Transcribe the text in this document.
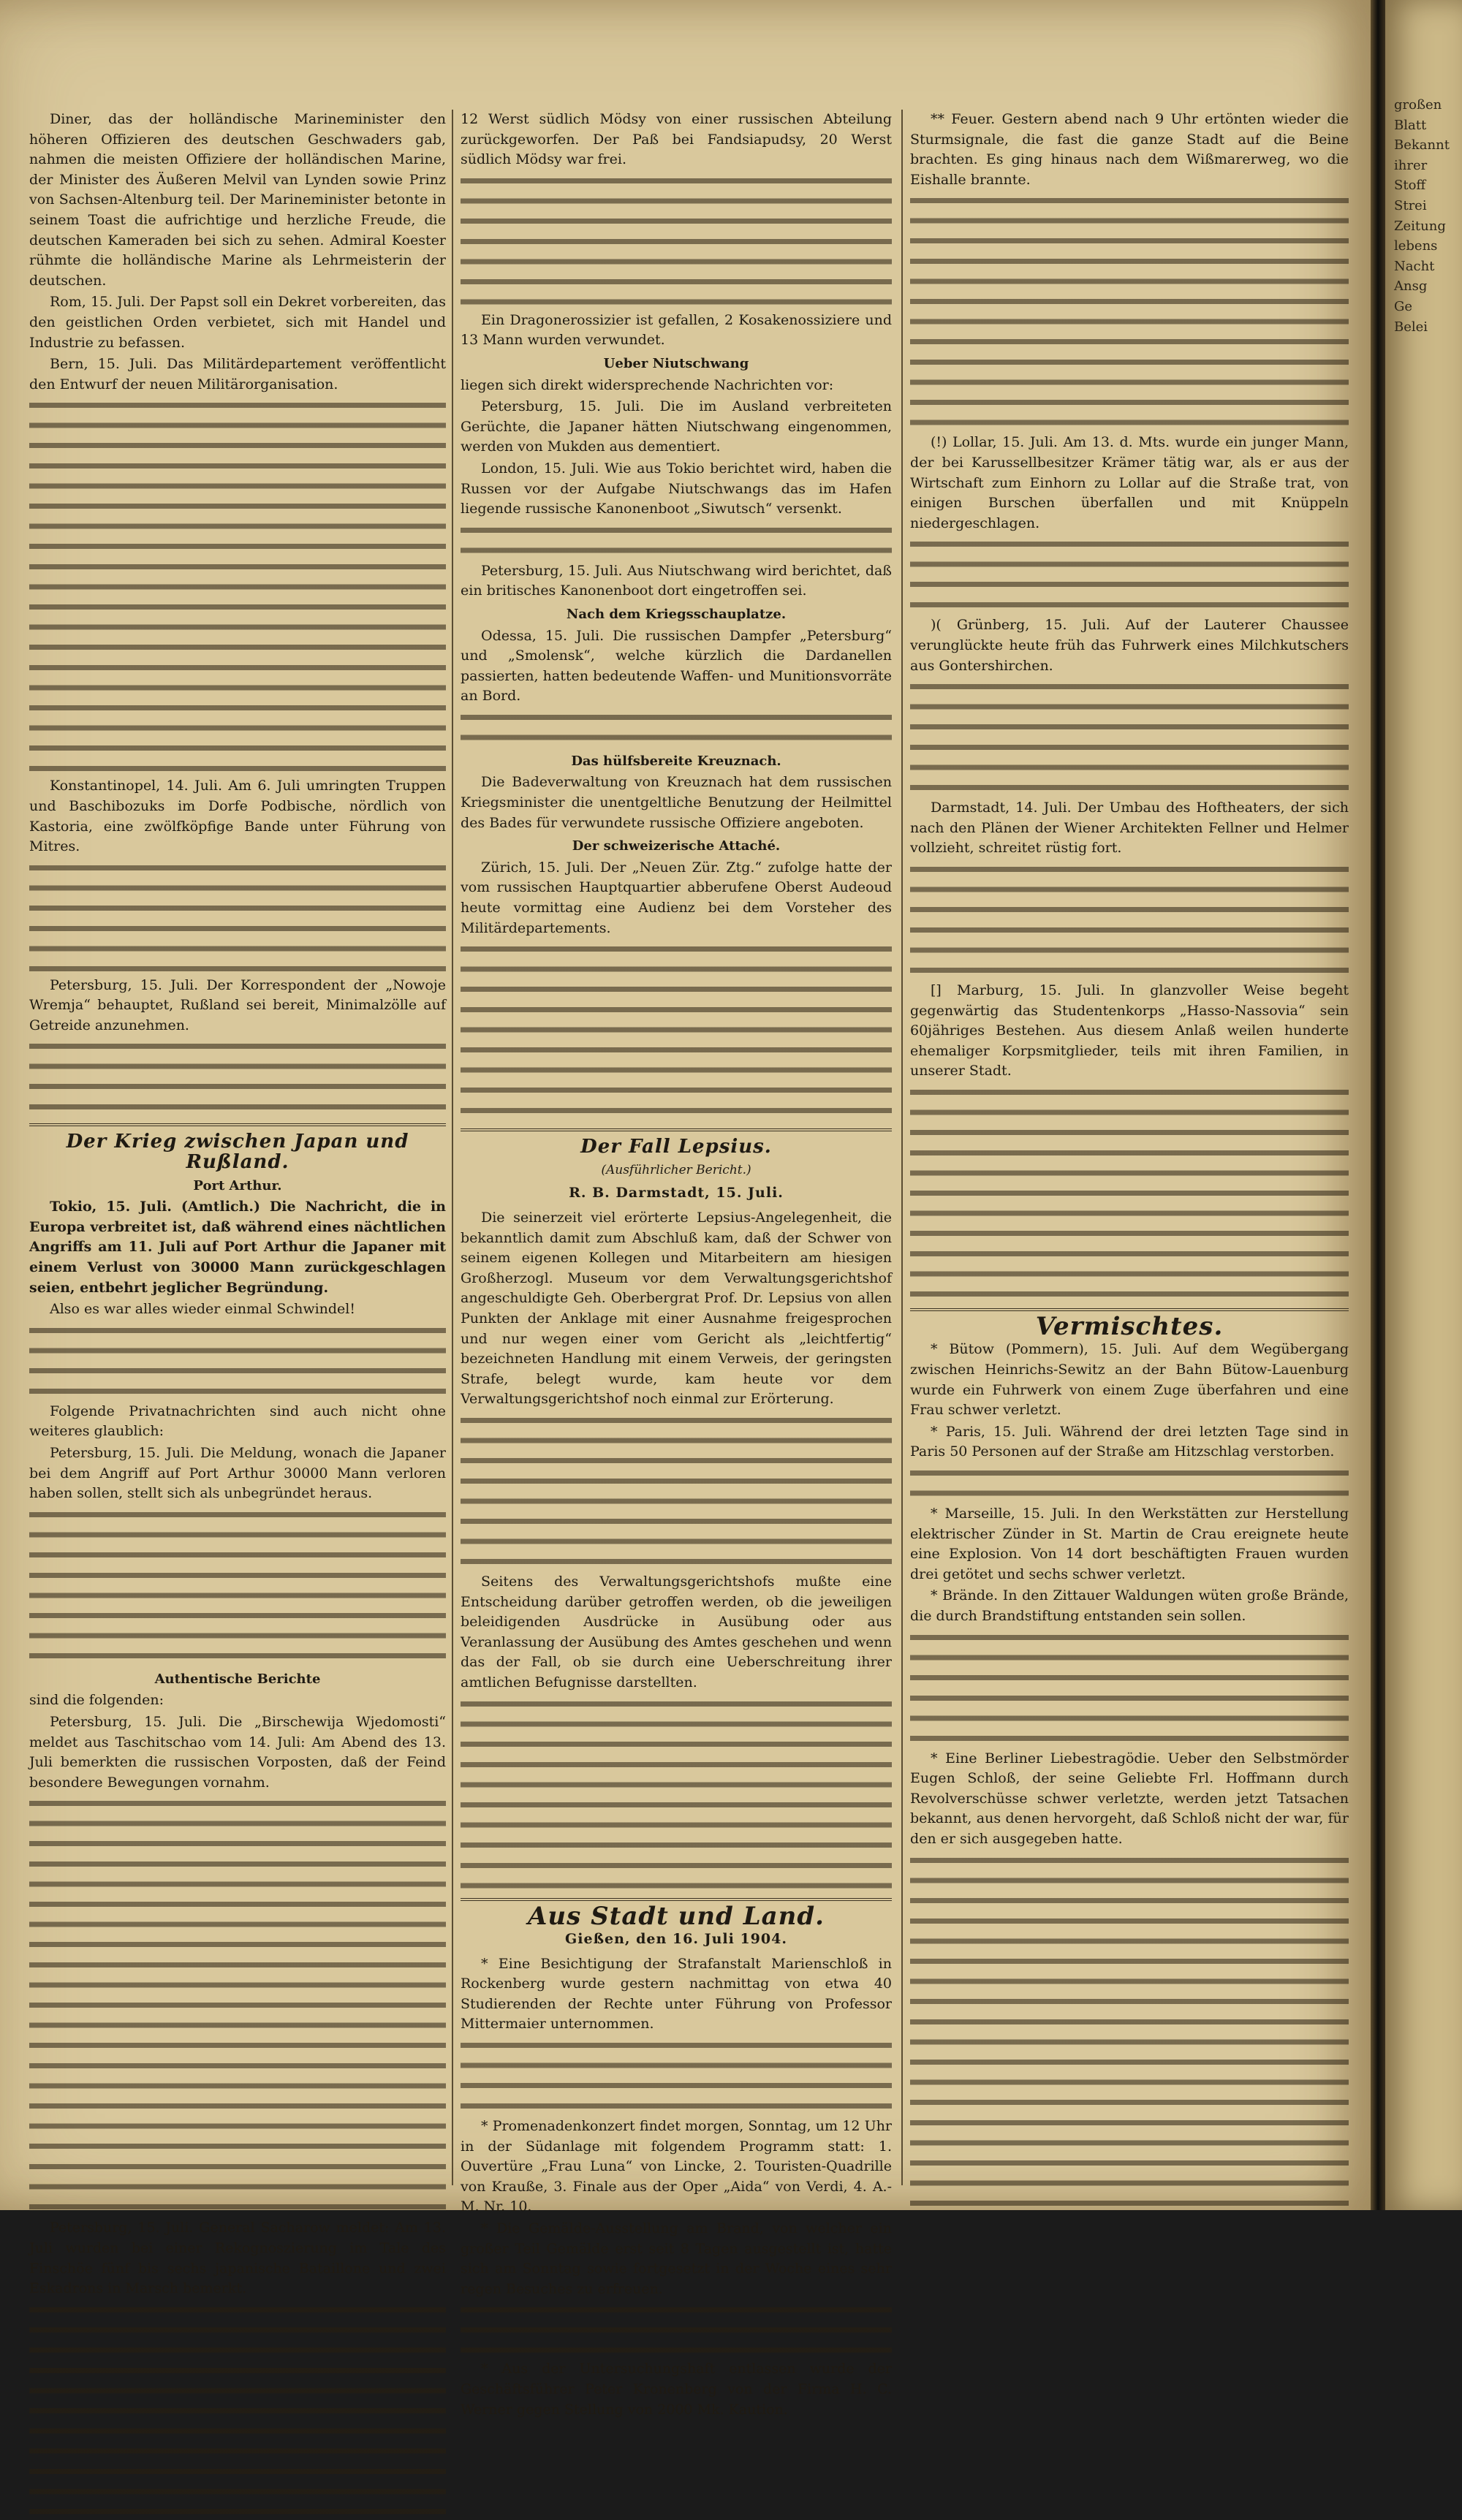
Diner, das der holländische Marineminister den höheren Offizieren des deutschen Geschwaders gab, nahmen die meisten Offiziere der holländischen Marine, der Minister des Äußeren Melvil van Lynden sowie Prinz von Sachsen-Altenburg teil. Der Marineminister betonte in seinem Toast die aufrichtige und herzliche Freude, die deutschen Kameraden bei sich zu sehen. Admiral Koester rühmte die holländische Marine als Lehrmeisterin der deutschen.

Rom, 15. Juli. Der Papst soll ein Dekret vorbereiten, das den geistlichen Orden verbietet, sich mit Handel und Industrie zu befassen.

Bern, 15. Juli. Das Militärdepartement veröffentlicht den Entwurf der neuen Militärorganisation.

Konstantinopel, 14. Juli. Am 6. Juli umringten Truppen und Baschibozuks im Dorfe Podbische, nördlich von Kastoria, eine zwölfköpfige Bande unter Führung von Mitres.

Petersburg, 15. Juli. Der Korrespondent der „Nowoje Wremja“ behauptet, Rußland sei bereit, Minimalzölle auf Getreide anzunehmen.

Der Krieg zwischen Japan und Rußland.
Port Arthur.

Tokio, 15. Juli. (Amtlich.) Die Nachricht, die in Europa verbreitet ist, daß während eines nächtlichen Angriffs am 11. Juli auf Port Arthur die Japaner mit einem Verlust von 30000 Mann zurückgeschlagen seien, entbehrt jeglicher Begründung.

Also es war alles wieder einmal Schwindel!

Folgende Privatnachrichten sind auch nicht ohne weiteres glaublich:

Petersburg, 15. Juli. Die Meldung, wonach die Japaner bei dem Angriff auf Port Arthur 30000 Mann verloren haben sollen, stellt sich als unbegründet heraus.

Authentische Berichte

sind die folgenden:

Petersburg, 15. Juli. Die „Birschewija Wjedomosti“ meldet aus Taschitschao vom 14. Juli: Am Abend des 13. Juli bemerkten die russischen Vorposten, daß der Feind besondere Bewegungen vornahm.

Petersburg, 15. Juli. General Sacharow meldet: Am 13. Juli wurden bei einer Rekognoszierung im Tale des Finschöe fünf bis sechs japanische Bataillone und zwei Eskadrons in Marsch bemerkt.

12 Werst südlich Mödsy von einer russischen Abteilung zurückgeworfen. Der Paß bei Fandsiapudsy, 20 Werst südlich Mödsy war frei.

Ein Dragonerossizier ist gefallen, 2 Kosakenossiziere und 13 Mann wurden verwundet.

Ueber Niutschwang

liegen sich direkt widersprechende Nachrichten vor:

Petersburg, 15. Juli. Die im Ausland verbreiteten Gerüchte, die Japaner hätten Niutschwang eingenommen, werden von Mukden aus dementiert.

London, 15. Juli. Wie aus Tokio berichtet wird, haben die Russen vor der Aufgabe Niutschwangs das im Hafen liegende russische Kanonenboot „Siwutsch“ versenkt.

Petersburg, 15. Juli. Aus Niutschwang wird berichtet, daß ein britisches Kanonenboot dort eingetroffen sei.

Nach dem Kriegsschauplatze.

Odessa, 15. Juli. Die russischen Dampfer „Petersburg“ und „Smolensk“, welche kürzlich die Dardanellen passierten, hatten bedeutende Waffen- und Munitionsvorräte an Bord.

Das hülfsbereite Kreuznach.

Die Badeverwaltung von Kreuznach hat dem russischen Kriegsminister die unentgeltliche Benutzung der Heilmittel des Bades für verwundete russische Offiziere angeboten.

Der schweizerische Attaché.

Zürich, 15. Juli. Der „Neuen Zür. Ztg.“ zufolge hatte der vom russischen Hauptquartier abberufene Oberst Audeoud heute vormittag eine Audienz bei dem Vorsteher des Militärdepartements.

Der Fall Lepsius.
(Ausführlicher Bericht.)
R. B. Darmstadt, 15. Juli.

Die seinerzeit viel erörterte Lepsius-Angelegenheit, die bekanntlich damit zum Abschluß kam, daß der Schwer von seinem eigenen Kollegen und Mitarbeitern am hiesigen Großherzogl. Museum vor dem Verwaltungsgerichtshof angeschuldigte Geh. Oberbergrat Prof. Dr. Lepsius von allen Punkten der Anklage mit einer Ausnahme freigesprochen und nur wegen einer vom Gericht als „leichtfertig“ bezeichneten Handlung mit einem Verweis, der geringsten Strafe, belegt wurde, kam heute vor dem Verwaltungsgerichtshof noch einmal zur Erörterung.

Seitens des Verwaltungsgerichtshofs mußte eine Entscheidung darüber getroffen werden, ob die jeweiligen beleidigenden Ausdrücke in Ausübung oder aus Veranlassung der Ausübung des Amtes geschehen und wenn das der Fall, ob sie durch eine Ueberschreitung ihrer amtlichen Befugnisse darstellten.

Aus Stadt und Land.
Gießen, den 16. Juli 1904.

* Eine Besichtigung der Strafanstalt Marienschloß in Rockenberg wurde gestern nachmittag von etwa 40 Studierenden der Rechte unter Führung von Professor Mittermaier unternommen.

* Promenadenkonzert findet morgen, Sonntag, um 12 Uhr in der Südanlage mit folgendem Programm statt: 1. Ouvertüre „Frau Luna“ von Lincke, 2. Touristen-Quadrille von Krauße, 3. Finale aus der Oper „Aida“ von Verdi, 4. A.-M. Nr. 10.

* Die Gemälde-Ausstellung am Brand, von welcher ein großer Teil Gemälde erst seit 8 Tagen ausgestellt ist, hatte sich am Sonntag sowie fortgesetzt in der Woche eines sehr regen Besuches zu erfreuen.

* Aus der Untersuchungshaft entlassen wurde der Geschäftsführer Peter Kronenberg von der Firma H. C. Werner gegen Stellung von 2000 Mk. Kaution.

** Feuer. Gestern abend nach 9 Uhr ertönten wieder die Sturmsignale, die fast die ganze Stadt auf die Beine brachten. Es ging hinaus nach dem Wißmarerweg, wo die Eishalle brannte.

(!) Lollar, 15. Juli. Am 13. d. Mts. wurde ein junger Mann, der bei Karussellbesitzer Krämer tätig war, als er aus der Wirtschaft zum Einhorn zu Lollar auf die Straße trat, von einigen Burschen überfallen und mit Knüppeln niedergeschlagen.

)( Grünberg, 15. Juli. Auf der Lauterer Chaussee verunglückte heute früh das Fuhrwerk eines Milchkutschers aus Gontershirchen.

Darmstadt, 14. Juli. Der Umbau des Hoftheaters, der sich nach den Plänen der Wiener Architekten Fellner und Helmer vollzieht, schreitet rüstig fort.

[] Marburg, 15. Juli. In glanzvoller Weise begeht gegenwärtig das Studentenkorps „Hasso-Nassovia“ sein 60jähriges Bestehen. Aus diesem Anlaß weilen hunderte ehemaliger Korpsmitglieder, teils mit ihren Familien, in unserer Stadt.

Vermischtes.

* Bütow (Pommern), 15. Juli. Auf dem Wegübergang zwischen Heinrichs-Sewitz an der Bahn Bütow-Lauenburg wurde ein Fuhrwerk von einem Zuge überfahren und eine Frau schwer verletzt.

* Paris, 15. Juli. Während der drei letzten Tage sind in Paris 50 Personen auf der Straße am Hitzschlag verstorben.

* Marseille, 15. Juli. In den Werkstätten zur Herstellung elektrischer Zünder in St. Martin de Crau ereignete heute eine Explosion. Von 14 dort beschäftigten Frauen wurden drei getötet und sechs schwer verletzt.

* Brände. In den Zittauer Waldungen wüten große Brände, die durch Brandstiftung entstanden sein sollen.

* Eine Berliner Liebestragödie. Ueber den Selbstmörder Eugen Schloß, der seine Geliebte Frl. Hoffmann durch Revolverschüsse schwer verletzte, werden jetzt Tatsachen bekannt, aus denen hervorgeht, daß Schloß nicht der war, für den er sich ausgegeben hatte.

großen
Blatt
Bekannt
ihrer
Stoff
Strei
Zeitung
lebens
Nacht
Ansg
Ge
Belei
